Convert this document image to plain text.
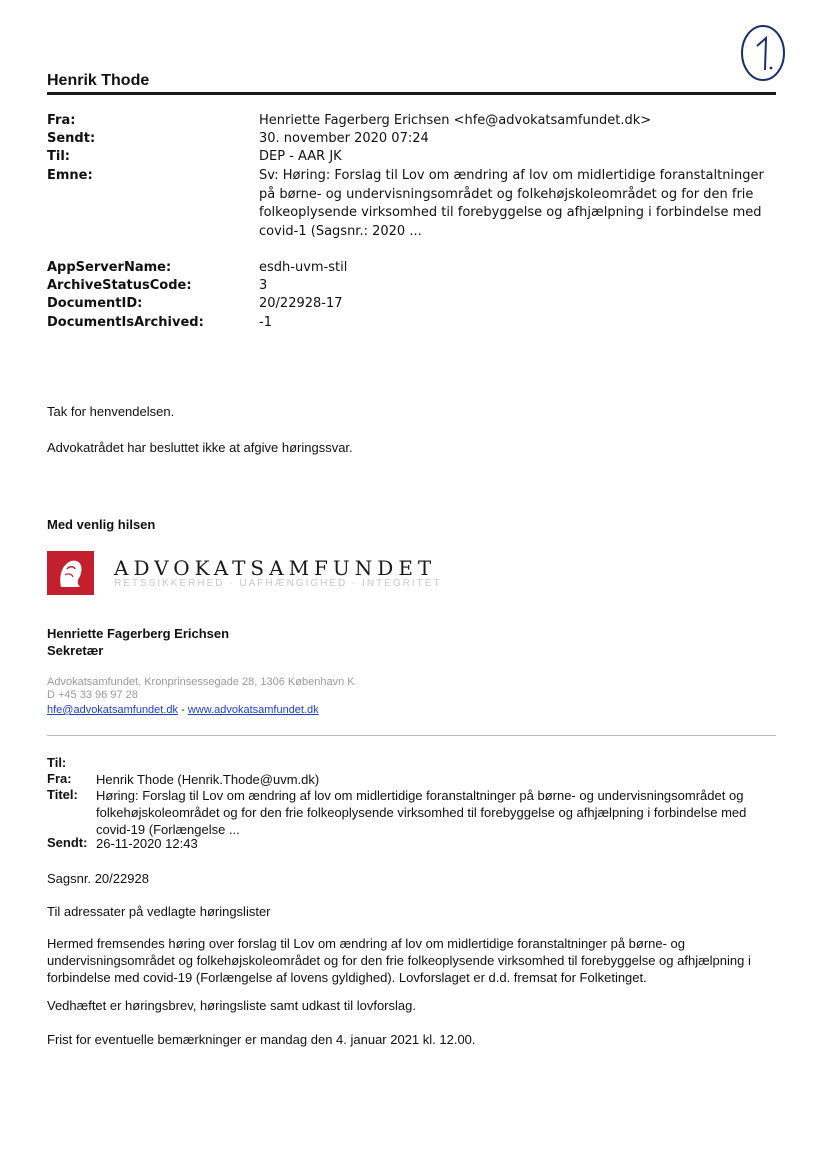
Henrik Thode
Fra:	Henriette Fagerberg Erichsen <hfe@advokatsamfundet.dk>
Sendt:	30. november 2020 07:24
Til:	DEP - AAR JK
Emne:	Sv: Høring: Forslag til Lov om ændring af lov om midlertidige foranstaltninger på børne- og undervisningsområdet og folkehøjskoleområdet og for den frie folkeoplysende virksomhed til forebyggelse og afhjælpning i forbindelse med covid-1 (Sagsnr.: 2020 ...
AppServerName:	esdh-uvm-stil
ArchiveStatusCode:	3
DocumentID:	20/22928-17
DocumentIsArchived:	-1
Tak for henvendelsen.
Advokatrådet har besluttet ikke at afgive høringssvar.
Med venlig hilsen
ADVOKATSAMFUNDET
RETSSIKKERHED · UAFHÆNGIGHED · INTEGRITET
Henriette Fagerberg Erichsen
Sekretær
Advokatsamfundet, Kronprinsessegade 28, 1306 København K
D +45 33 96 97 28
hfe@advokatsamfundet.dk - www.advokatsamfundet.dk
Til:
Fra: Henrik Thode (Henrik.Thode@uvm.dk)
Titel: Høring: Forslag til Lov om ændring af lov om midlertidige foranstaltninger på børne- og undervisningsområdet og folkehøjskoleområdet og for den frie folkeoplysende virksomhed til forebyggelse og afhjælpning i forbindelse med covid-19 (Forlængelse ...
Sendt: 26-11-2020 12:43
Sagsnr. 20/22928
Til adressater på vedlagte høringslister
Hermed fremsendes høring over forslag til Lov om ændring af lov om midlertidige foranstaltninger på børne- og undervisningsområdet og folkehøjskoleområdet og for den frie folkeoplysende virksomhed til forebyggelse og afhjælpning i forbindelse med covid-19 (Forlængelse af lovens gyldighed). Lovforslaget er d.d. fremsat for Folketinget.
Vedhæftet er høringsbrev, høringsliste samt udkast til lovforslag.
Frist for eventuelle bemærkninger er mandag den 4. januar 2021 kl. 12.00.
